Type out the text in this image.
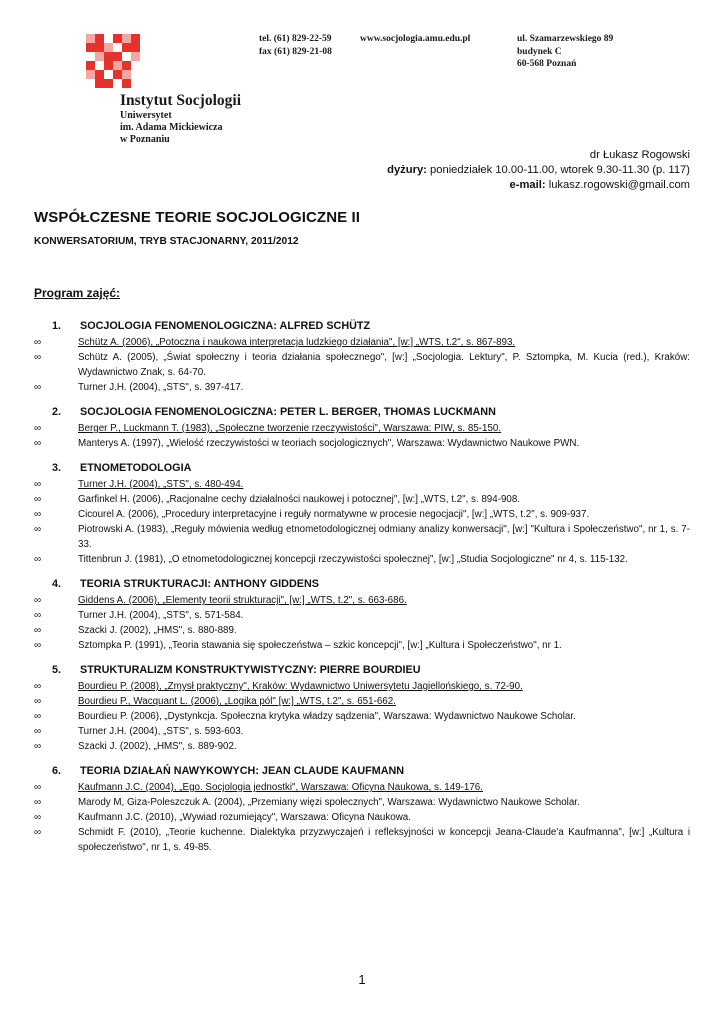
tel. (61) 829-22-59
fax (61) 829-21-08
www.socjologia.amu.edu.pl	ul. Szamarzewskiego 89
budynek C
60-568 Poznań
Instytut Socjologii
Uniwersytet
im. Adama Mickiewicza
w Poznaniu
dr Łukasz Rogowski
dyżury: poniedziałek 10.00-11.00, wtorek 9.30-11.30 (p. 117)
e-mail: lukasz.rogowski@gmail.com
WSPÓŁCZESNE TEORIE SOCJOLOGICZNE II
KONWERSATORIUM, TRYB STACJONARNY, 2011/2012
Program zajęć:
1.	SOCJOLOGIA FENOMENOLOGICZNA: ALFRED SCHÜTZ
∞	Schütz A. (2006), „Potoczna i naukowa interpretacja ludzkiego działania", [w:] „WTS, t.2", s. 867-893.
∞	Schütz A. (2005), „Świat społeczny i teoria działania społecznego", [w:] „Socjologia. Lektury", P. Sztompka, M. Kucia (red.), Kraków: Wydawnictwo Znak, s. 64-70.
∞	Turner J.H. (2004), „STS", s. 397-417.
2.	SOCJOLOGIA FENOMENOLOGICZNA: PETER L. BERGER, THOMAS LUCKMANN
∞	Berger P., Luckmann T. (1983), „Społeczne tworzenie rzeczywistości", Warszawa: PIW, s. 85-150.
∞	Manterys A. (1997), „Wielość rzeczywistości w teoriach socjologicznych", Warszawa: Wydawnictwo Naukowe PWN.
3.	ETNOMETODOLOGIA
∞	Turner J.H. (2004), „STS", s. 480-494.
∞	Garfinkel H. (2006), „Racjonalne cechy działalności naukowej i potocznej", [w:] „WTS, t.2", s. 894-908.
∞	Cicourel A. (2006), „Procedury interpretacyjne i reguły normatywne w procesie negocjacji", [w:] „WTS, t.2", s. 909-937.
∞	Piotrowski A. (1983), „Reguły mówienia według etnometodologicznej odmiany analizy konwersacji", [w:] "Kultura i Społeczeństwo", nr 1, s. 7-33.
∞	Tittenbrun J. (1981), „O etnometodologicznej koncepcji rzeczywistości społecznej", [w:] „Studia Socjologiczne" nr 4, s. 115-132.
4.	TEORIA STRUKTURACJI: ANTHONY GIDDENS
∞	Giddens A. (2006), „Elementy teorii strukturacji", [w:] „WTS, t.2", s. 663-686.
∞	Turner J.H. (2004), „STS", s. 571-584.
∞	Szacki J. (2002), „HMS", s. 880-889.
∞	Sztompka P. (1991), „Teoria stawania się społeczeństwa – szkic koncepcji", [w:] „Kultura i Społeczeństwo", nr 1.
5.	STRUKTURALIZM KONSTRUKTYWISTYCZNY: PIERRE BOURDIEU
∞	Bourdieu P. (2008), „Zmysł praktyczny", Kraków: Wydawnictwo Uniwersytetu Jagiellońskiego, s. 72-90.
∞	Bourdieu P., Wacquant L. (2006), „Logika pól" [w:] „WTS, t.2", s. 651-662.
∞	Bourdieu P. (2006), „Dystynkcja. Społeczna krytyka władzy sądzenia", Warszawa: Wydawnictwo Naukowe Scholar.
∞	Turner J.H. (2004), „STS", s. 593-603.
∞	Szacki J. (2002), „HMS", s. 889-902.
6.	TEORIA DZIAŁAŃ NAWYKOWYCH: JEAN CLAUDE KAUFMANN
∞	Kaufmann J.C. (2004), „Ego. Socjologia jednostki", Warszawa: Oficyna Naukowa, s. 149-176.
∞	Marody M, Giza-Poleszczuk A. (2004), „Przemiany więzi społecznych", Warszawa: Wydawnictwo Naukowe Scholar.
∞	Kaufmann J.C. (2010), „Wywiad rozumiejący", Warszawa: Oficyna Naukowa.
∞	Schmidt F. (2010), „Teorie kuchenne. Dialektyka przyzwyczajeń i refleksyjności w koncepcji Jeana-Claude'a Kaufmanna", [w:] „Kultura i społeczeństwo", nr 1, s. 49-85.
1
